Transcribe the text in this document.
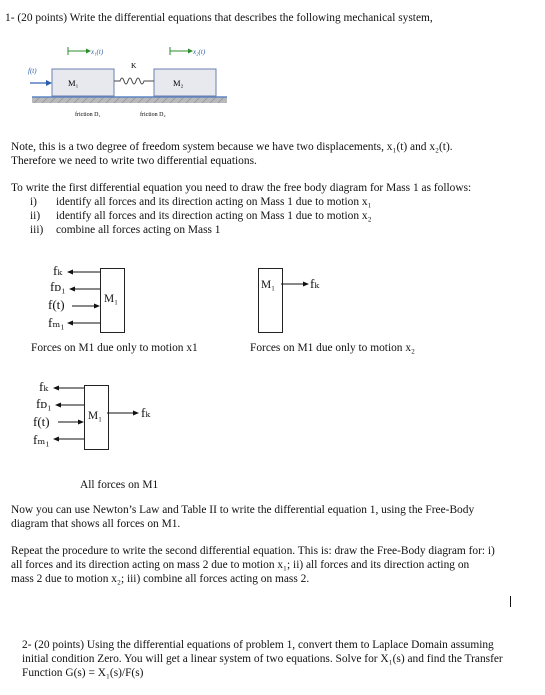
1- (20 points) Write the differential equations that describes the following mechanical system,
x₁(t)	x₂(t)
f(t)
K
M₁	M₂
friction D₁	friction D₂
Note, this is a two degree of freedom system because we have two displacements, x₁(t) and x₂(t).
Therefore we need to write two differential equations.
To write the first differential equation you need to draw the free body diagram for Mass 1 as follows:
i) identify all forces and its direction acting on Mass 1 due to motion x₁
ii) identify all forces and its direction acting on Mass 1 due to motion x₂
iii) combine all forces acting on Mass 1
fₖ
fᴅ₁
f(t)
fₘ₁
M₁
Forces on M1 due only to motion x1
M₁	fₖ
Forces on M1 due only to motion x₂
fₖ
fᴅ₁
f(t)
fₘ₁
M₁	fₖ
All forces on M1
Now you can use Newton’s Law and Table II to write the differential equation 1, using the Free-Body
diagram that shows all forces on M1.
Repeat the procedure to write the second differential equation. This is: draw the Free-Body diagram for: i)
all forces and its direction acting on mass 2 due to motion x₁; ii) all forces and its direction acting on
mass 2 due to motion x₂; iii) combine all forces acting on mass 2.
2- (20 points) Using the differential equations of problem 1, convert them to Laplace Domain assuming
initial condition Zero. You will get a linear system of two equations. Solve for X₁(s) and find the Transfer
Function G(s) = X₁(s)/F(s)
